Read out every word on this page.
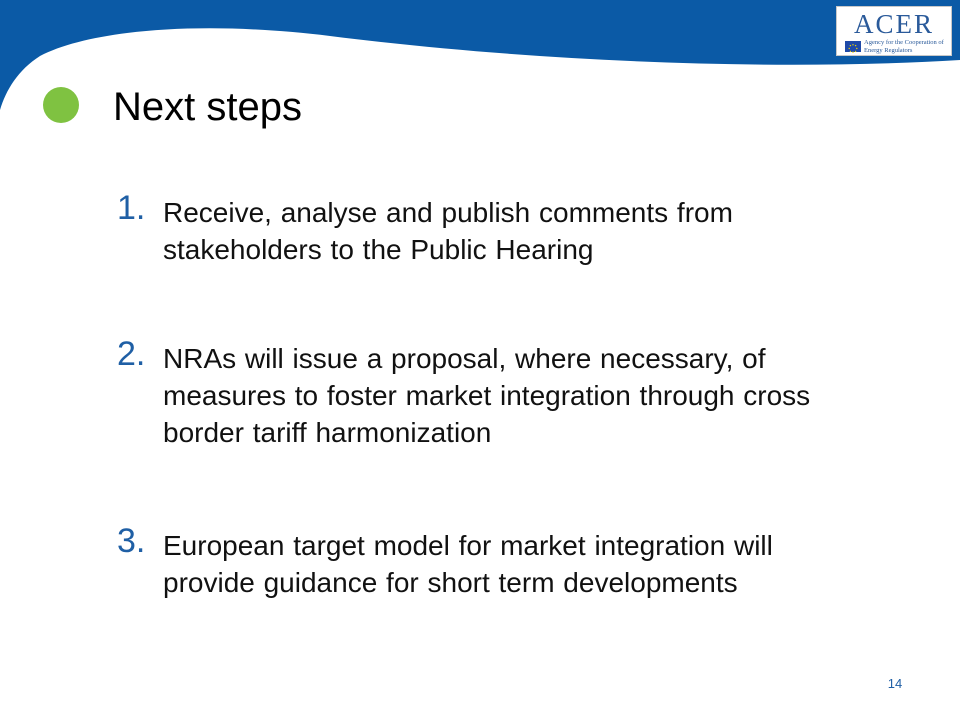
ACER
Agency for the Cooperation of Energy Regulators
Next steps
1. Receive, analyse and publish comments from stakeholders to the Public Hearing
2. NRAs will issue a proposal, where necessary, of measures to foster market integration through cross border tariff harmonization
3. European target model for market integration will provide guidance for short term developments
14
